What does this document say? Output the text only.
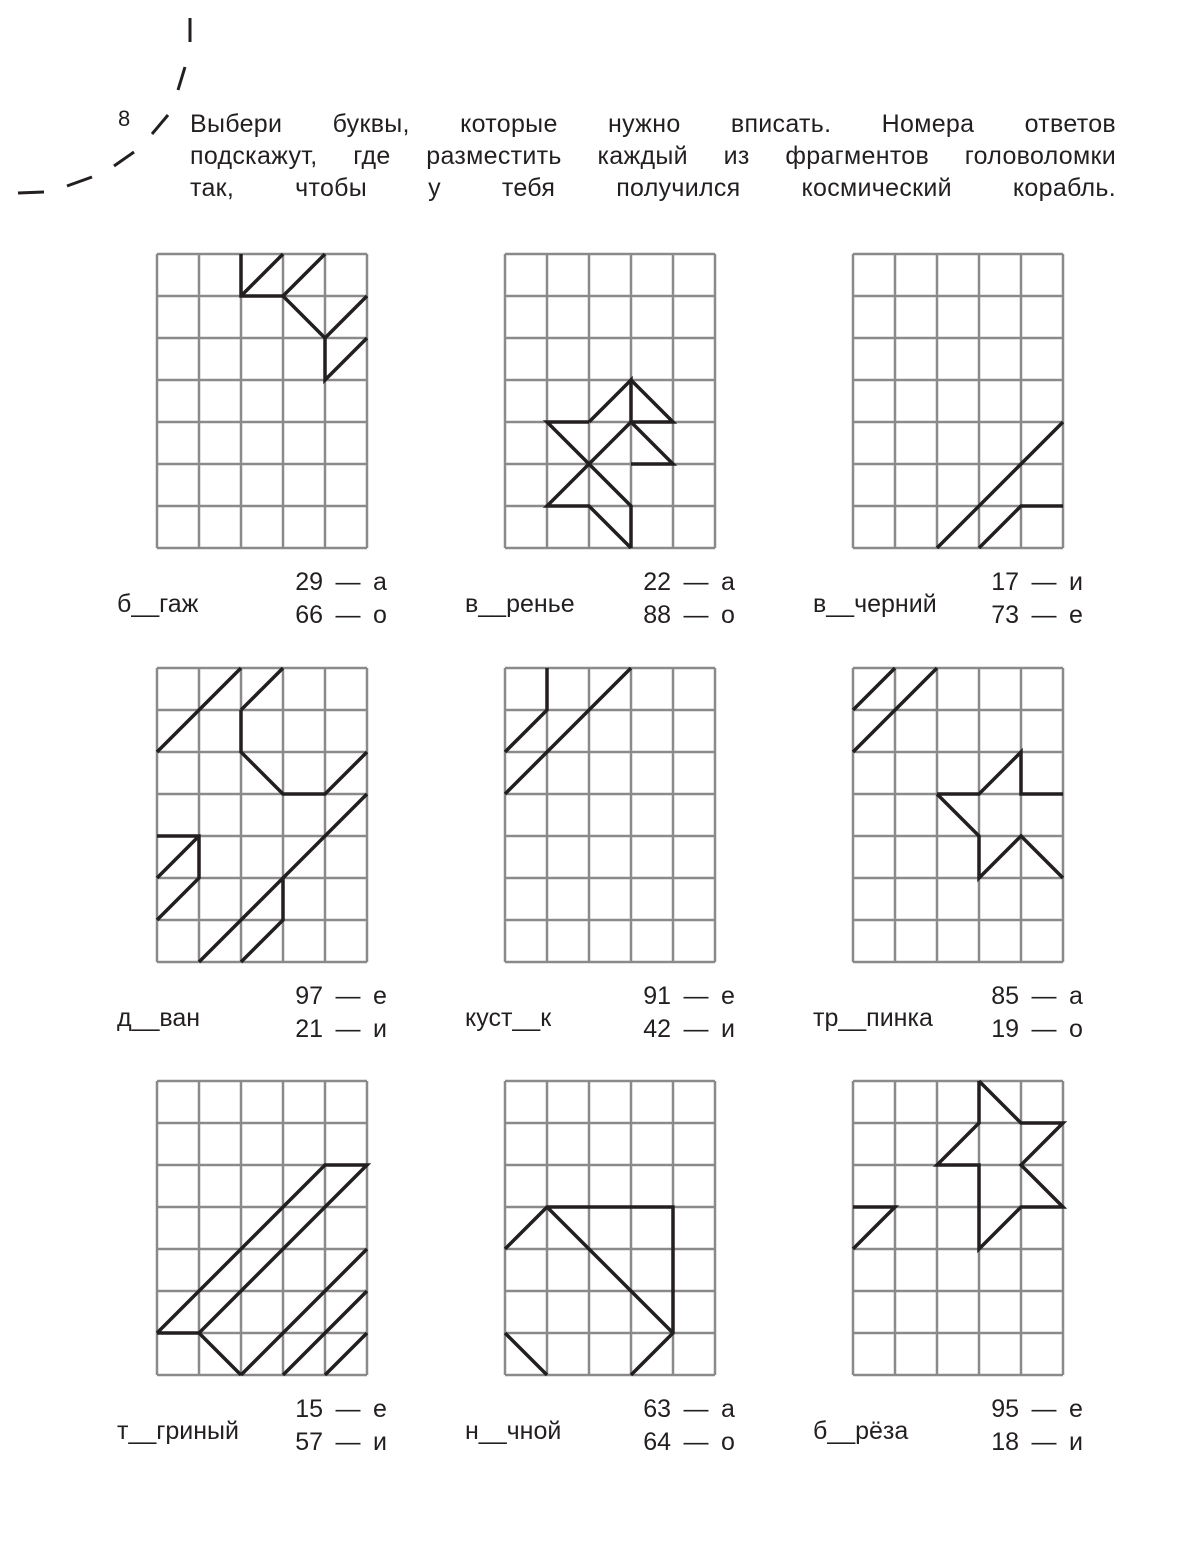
8 Выбери буквы, которые нужно вписать. Номера ответов
подскажут, где разместить каждый из фрагментов головоломки
так, чтобы у тебя получился космический корабль.
б__гаж
29 — а
66 — о	в__ренье
22 — а
88 — о	в__черний
17 — и
73 — е
д__ван
97 — е
21 — и	куст__к
91 — е
42 — и	тр__пинка
85 — а
19 — о
т__гриный
15 — е
57 — и	н__чной
63 — а
64 — о	б__рёза
95 — е
18 — и
